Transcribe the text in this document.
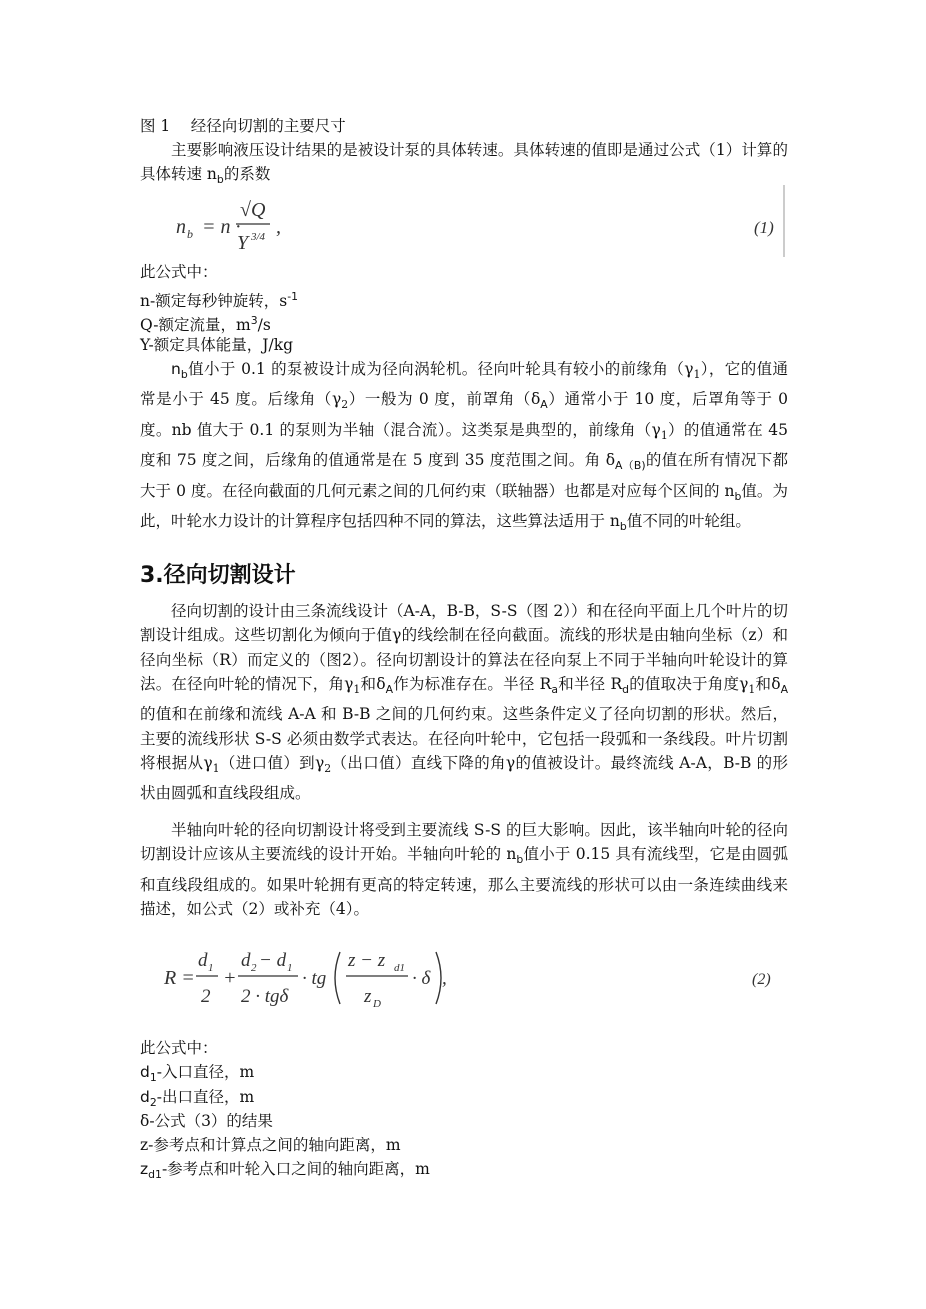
图 1　 经径向切割的主要尺寸

主要影响液压设计结果的是被设计泵的具体转速。具体转速的值即是通过公式（1）计算的具体转速 $n_b$的系数

n b = n ·
√Q
Y 3/4 ,	(1)
此公式中：
n-额定每秒钟旋转，$s^{-1}$
Q-额定流量，$m^3/s$
Y-额定具体能量，J/kg

$n_b$值小于 0.1 的泵被设计成为径向涡轮机。径向叶轮具有较小的前缘角$(\gamma_1)$，它的值通常是小于 45 度。后缘角$(\gamma_2)$一般为 0 度，前罩角$(\delta_A)$通常小于 10 度，后罩角等于 0 度。nb 值大于 0.1 的泵则为半轴（混合流）。这类泵是典型的，前缘角$(\gamma_1)$的值通常在 45 度和 75 度之间，后缘角的值通常是在 5 度到 35 度范围之间。角 $\delta_{A(B)}$的值在所有情况下都大于 0 度。在径向截面的几何元素之间的几何约束（联轴器）也都是对应每个区间的 $n_b$值。为此，叶轮水力设计的计算程序包括四种不同的算法，这些算法适用于 $n_b$值不同的叶轮组。

3.径向切割设计

径向切割的设计由三条流线设计（A-A，B-B，S-S（图 2））和在径向平面上几个叶片的切割设计组成。这些切割化为倾向于值γ的线绘制在径向截面。流线的形状是由轴向坐标（z）和径向坐标（R）而定义的（图2）。径向切割设计的算法在径向泵上不同于半轴向叶轮设计的算法。在径向叶轮的情况下，角$\gamma_1$和$\delta_A$作为标准存在。半径 $R_a$和半径 $R_d$的值取决于角度$\gamma_1$和$\delta_A$的值和在前缘和流线 A-A 和 B-B 之间的几何约束。这些条件定义了径向切割的形状。然后，主要的流线形状 S-S 必须由数学式表达。在径向叶轮中，它包括一段弧和一条线段。叶片切割将根据从$\gamma_1$（进口值）到$\gamma_2$（出口值）直线下降的角γ的值被设计。最终流线 A-A，B-B 的形状由圆弧和直线段组成。

半轴向叶轮的径向切割设计将受到主要流线 S-S 的巨大影响。因此，该半轴向叶轮的径向切割设计应该从主要流线的设计开始。半轴向叶轮的 $n_b$值小于 0.15 具有流线型，它是由圆弧和直线段组成的。如果叶轮拥有更高的特定转速，那么主要流线的形状可以由一条连续曲线来描述，如公式（2）或补充（4）。

R =
d 1
2
+
d 2 − d 1
2 · tgδ
· tg
z − z d1
z D
· δ ,	(2)
此公式中：
$d_1-$入口直径，m
$d_2-$出口直径，m
δ-公式（3）的结果
z-参考点和计算点之间的轴向距离，m
$z_{d1}-$参考点和叶轮入口之间的轴向距离，m
